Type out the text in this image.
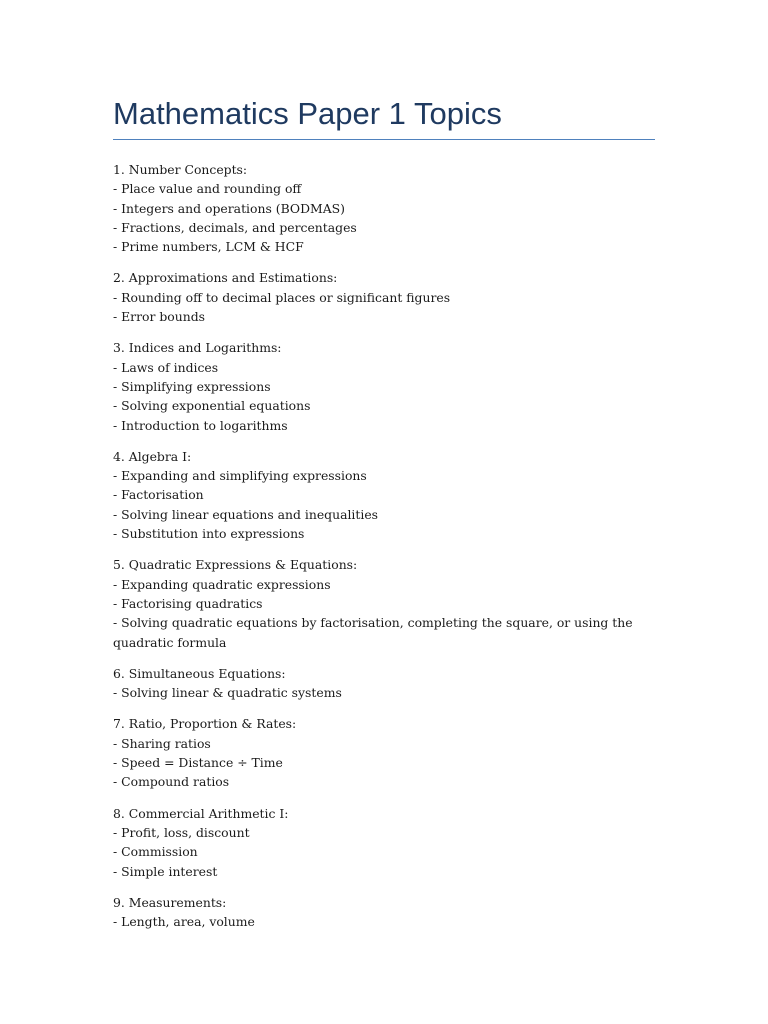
Mathematics Paper 1 Topics
1. Number Concepts:
- Place value and rounding off
- Integers and operations (BODMAS)
- Fractions, decimals, and percentages
- Prime numbers, LCM & HCF
2. Approximations and Estimations:
- Rounding off to decimal places or significant figures
- Error bounds
3. Indices and Logarithms:
- Laws of indices
- Simplifying expressions
- Solving exponential equations
- Introduction to logarithms
4. Algebra I:
- Expanding and simplifying expressions
- Factorisation
- Solving linear equations and inequalities
- Substitution into expressions
5. Quadratic Expressions & Equations:
- Expanding quadratic expressions
- Factorising quadratics
- Solving quadratic equations by factorisation, completing the square, or using the quadratic formula
6. Simultaneous Equations:
- Solving linear & quadratic systems
7. Ratio, Proportion & Rates:
- Sharing ratios
- Speed = Distance ÷ Time
- Compound ratios
8. Commercial Arithmetic I:
- Profit, loss, discount
- Commission
- Simple interest
9. Measurements:
- Length, area, volume
